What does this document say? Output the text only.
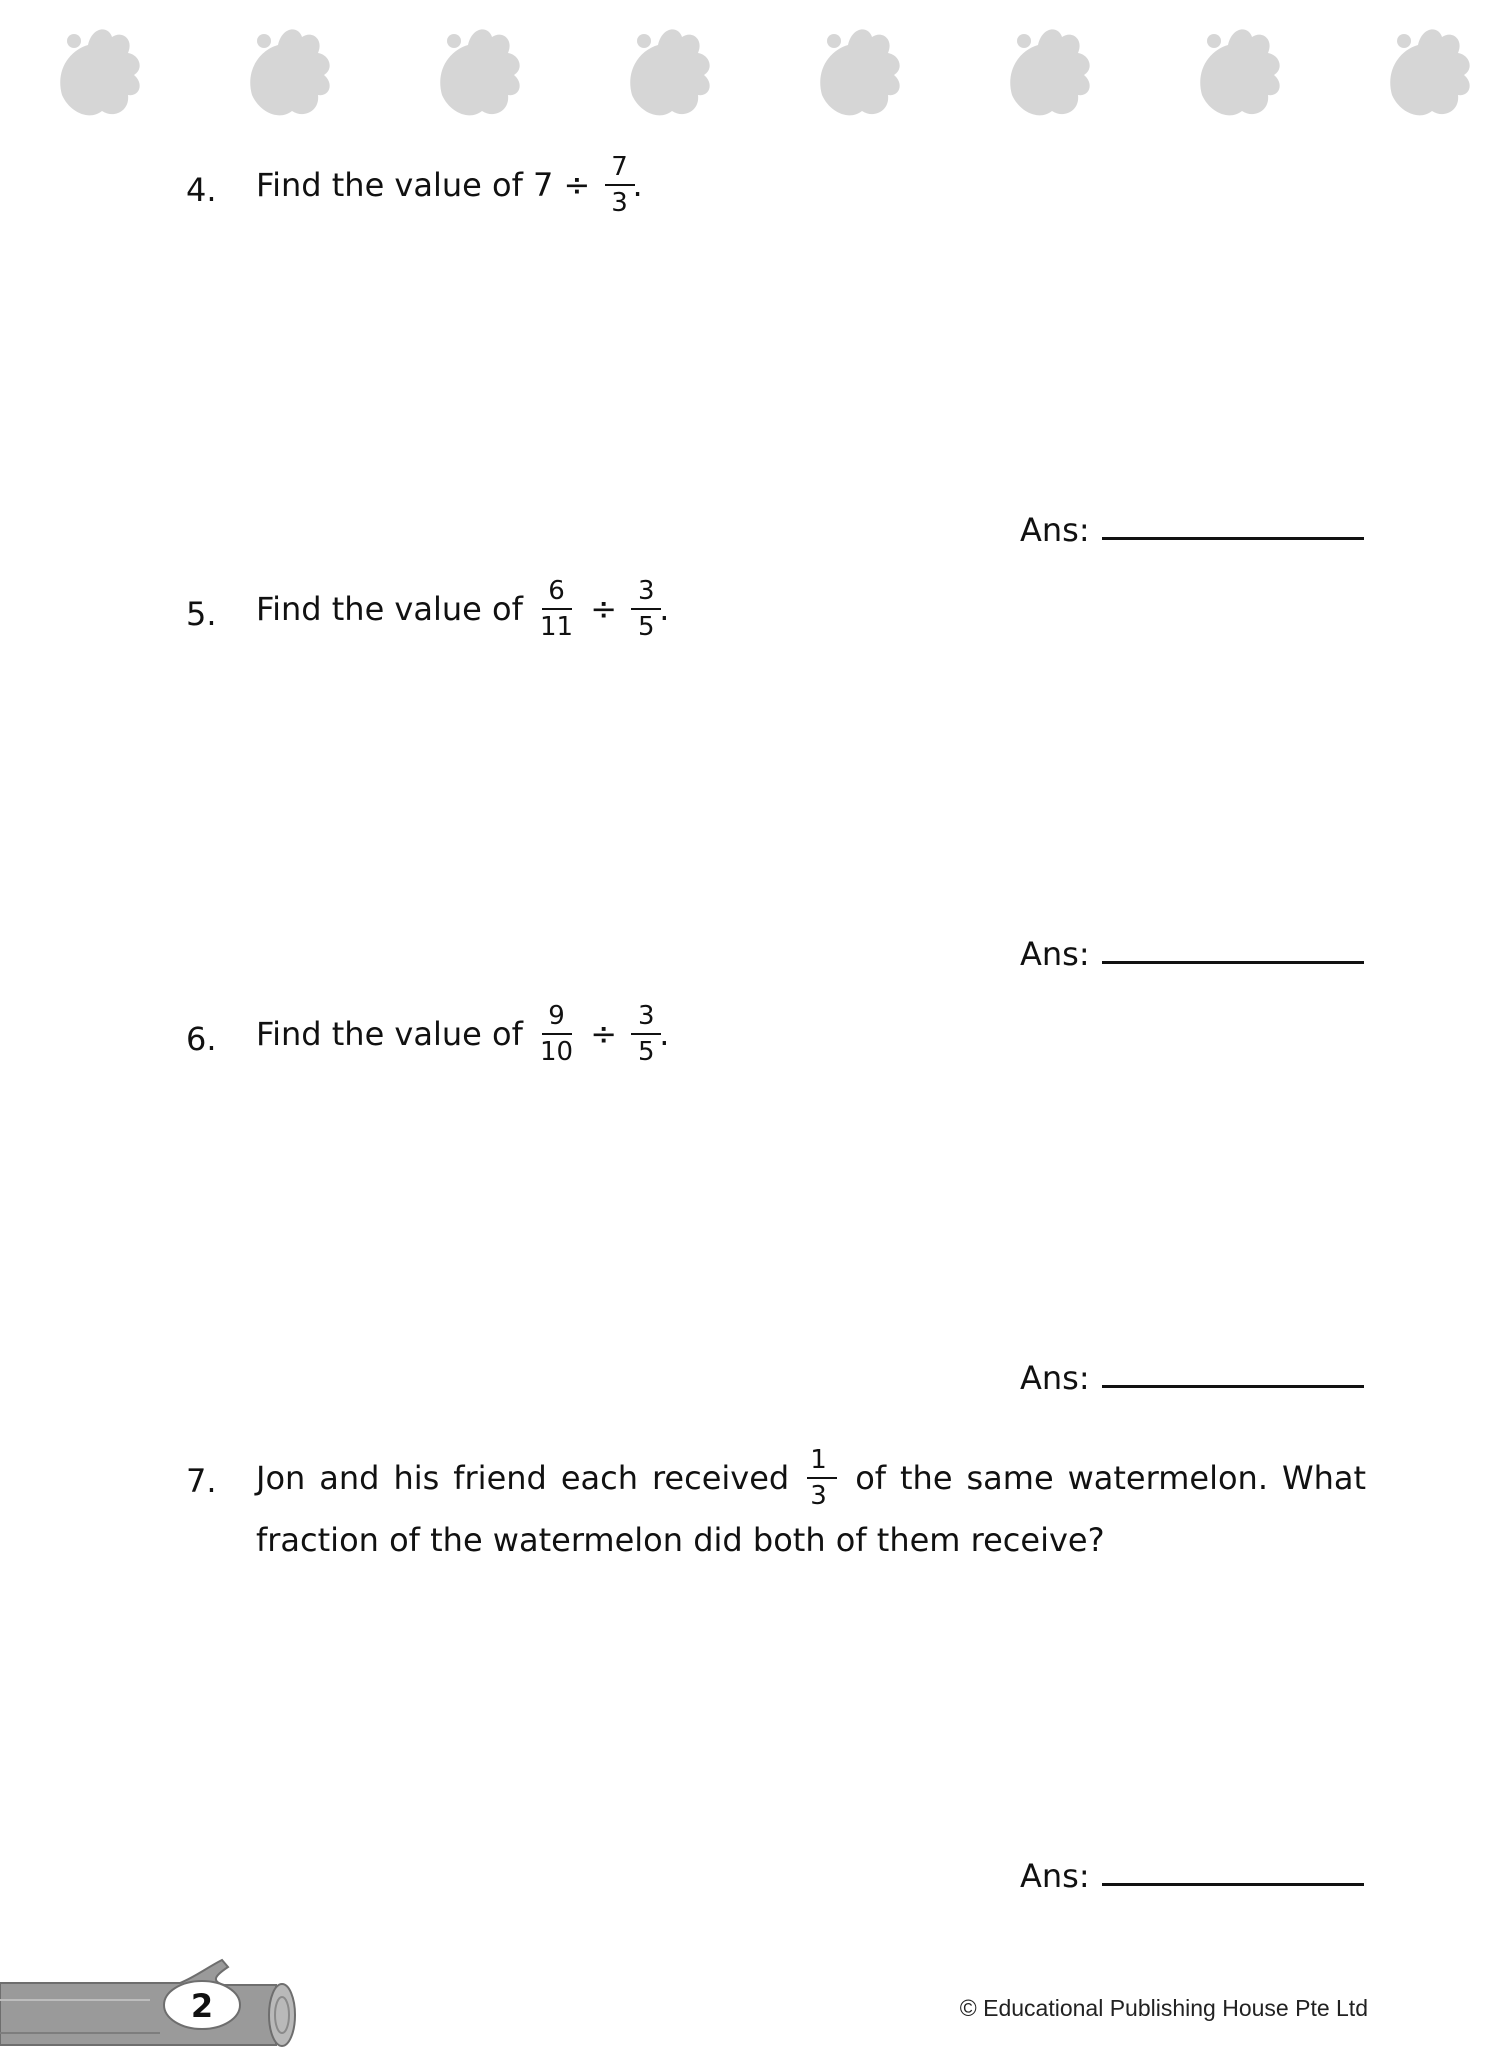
4. Find the value of $7 \div \frac{7}{3}$
.
Ans:
5. Find the value of $\frac{6}{11} \div \frac{3}{5}$
.
Ans:
6. Find the value of $\frac{9}{10} \div \frac{3}{5}$
.
Ans:
7. Jon and his friend each received $\frac{1}{3}$ of the same watermelon. What
fraction of the watermelon did both of them receive?
Ans:
2	© Educational Publishing House Pte Ltd
